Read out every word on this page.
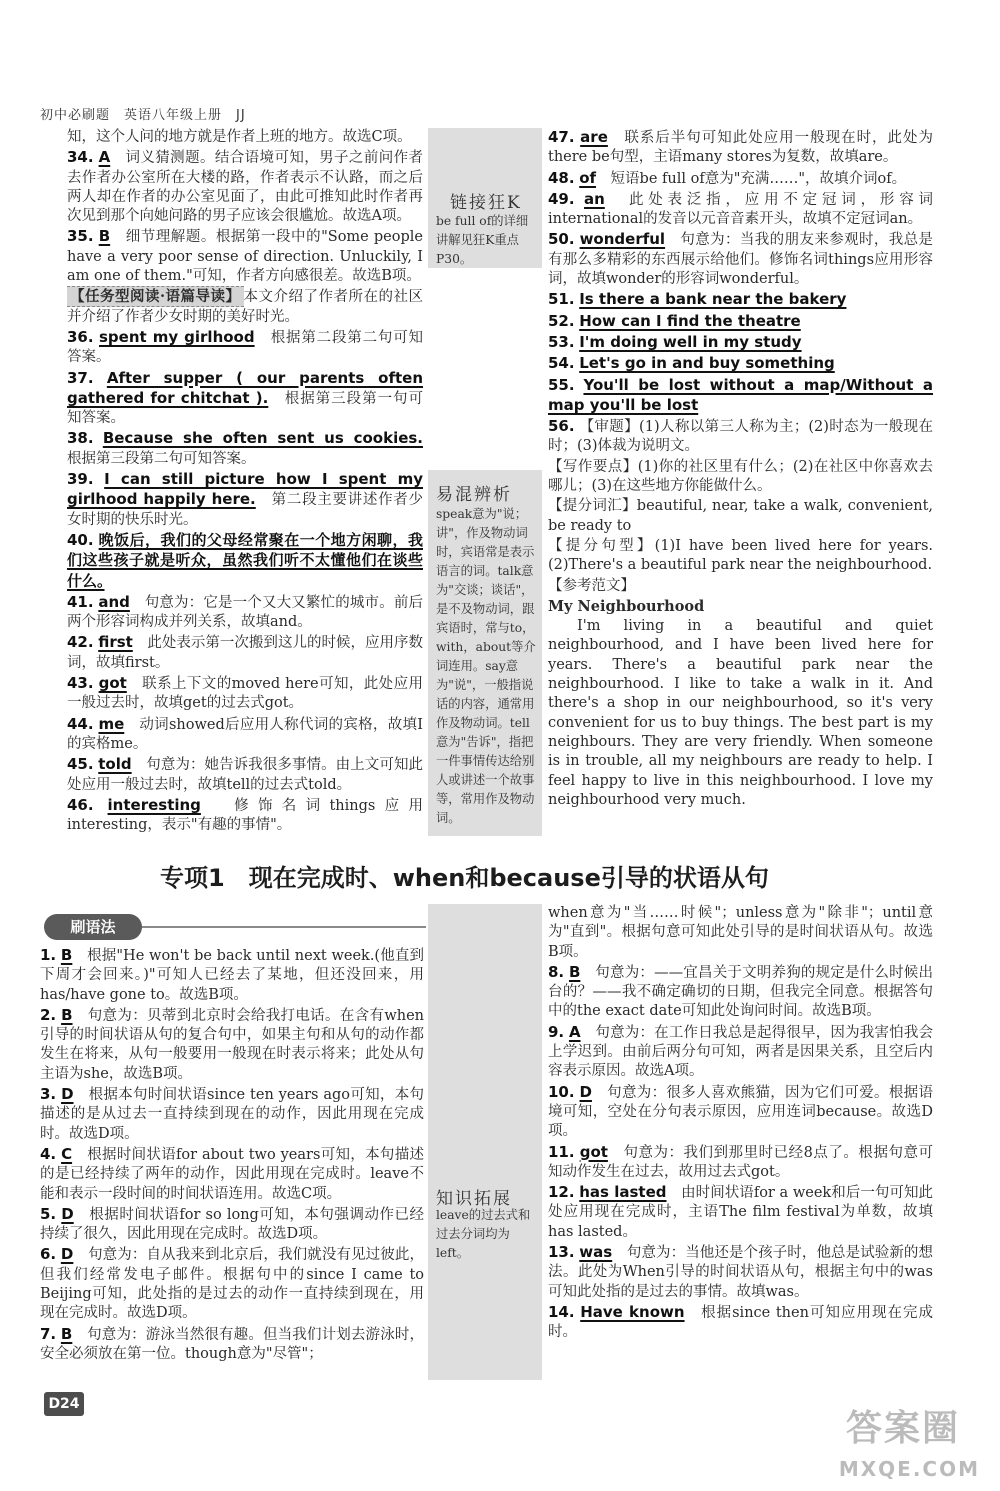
初中必刷题　英语八年级上册　JJ

知，这个人问的地方就是作者上班的地方。故选C项。

34. A　 词义猜测题。结合语境可知，男子之前问作者去作者办公室所在大楼的路，作者表示不认路，而之后两人却在作者的办公室见面了，由此可推知此时作者再次见到那个向她问路的男子应该会很尴尬。故选A项。

35. B　 细节理解题。根据第一段中的"Some people have a very poor sense of direction. Unluckily, I am one of them."可知，作者方向感很差。故选B项。

【任务型阅读·语篇导读】 本文介绍了作者所在的社区并介绍了作者少女时期的美好时光。

36. spent my girlhood　 根据第二段第二句可知答案。

37. After supper ( our parents often gathered for chitchat ).　 根据第三段第一句可知答案。

38. Because she often sent us cookies.　根据第三段第二句可知答案。

39. I can still picture how I spent my girlhood happily here.　 第二段主要讲述作者少女时期的快乐时光。

40. 晚饭后，我们的父母经常聚在一个地方闲聊，我们这些孩子就是听众，虽然我们听不太懂他们在谈些什么。　

41. and　 句意为：它是一个又大又繁忙的城市。前后两个形容词构成并列关系，故填and。

42. first　 此处表示第一次搬到这儿的时候，应用序数词，故填first。

43. got　 联系上下文的moved here可知，此处应用一般过去时，故填get的过去式got。

44. me　 动词showed后应用人称代词的宾格，故填I的宾格me。

45. told　 句意为：她告诉我很多事情。由上文可知此处应用一般过去时，故填tell的过去式told。

46. interesting　 修饰名词things应用interesting，表示"有趣的事情"。

链接狂K
be full of的详细讲解见狂K重点P30。
易混辨析
speak意为"说；讲"，作及物动词时，宾语常是表示语言的词。talk意为"交谈；谈话"，是不及物动词，跟宾语时，常与to，with，about等介词连用。say意为"说"，一般指说话的内容，通常用作及物动词。tell意为"告诉"，指把一件事情传达给别人或讲述一个故事等，常用作及物动词。

47. are　 联系后半句可知此处应用一般现在时，此处为there be句型，主语many stores为复数，故填are。

48. of　 短语be full of意为"充满……"，故填介词of。

49. an　 此处表泛指，应用不定冠词，形容词international的发音以元音音素开头，故填不定冠词an。

50. wonderful　 句意为：当我的朋友来参观时，我总是有那么多精彩的东西展示给他们。修饰名词things应用形容词，故填wonder的形容词wonderful。

51. Is there a bank near the bakery　

52. How can I find the theatre　

53. I'm doing well in my study　

54. Let's go in and buy something　

55. You'll be lost without a map/Without a map you'll be lost　

56. 【审题】(1)人称以第三人称为主；(2)时态为一般现在时；(3)体裁为说明文。

【写作要点】(1)你的社区里有什么；(2)在社区中你喜欢去哪儿；(3)在这些地方你能做什么。

【提分词汇】beautiful, near, take a walk, convenient, be ready to

【提分句型】(1)I have been lived here for years. (2)There's a beautiful park near the neighbourhood.

【参考范文】

My Neighbourhood

I'm living in a beautiful and quiet neighbourhood, and I have been lived here for years. There's a beautiful park near the neighbourhood. I like to take a walk in it. And there's a shop in our neighbourhood, so it's very convenient for us to buy things. The best part is my neighbours. They are very friendly. When someone is in trouble, all my neighbours are ready to help. I feel happy to live in this neighbourhood. I love my neighbourhood very much.

专项1　现在完成时、when和because引导的状语从句
刷语法

1. B　 根据"He won't be back until next week.(他直到下周才会回来。)"可知人已经去了某地，但还没回来，用has/have gone to。故选B项。

2. B　 句意为：贝蒂到北京时会给我打电话。在含有when引导的时间状语从句的复合句中，如果主句和从句的动作都发生在将来，从句一般要用一般现在时表示将来；此处从句主语为she，故选B项。

3. D　 根据本句时间状语since ten years ago可知，本句描述的是从过去一直持续到现在的动作，因此用现在完成时。故选D项。

4. C　 根据时间状语for about two years可知，本句描述的是已经持续了两年的动作，因此用现在完成时。leave不能和表示一段时间的时间状语连用。故选C项。

5. D　 根据时间状语for so long可知，本句强调动作已经持续了很久，因此用现在完成时。故选D项。

6. D　 句意为：自从我来到北京后，我们就没有见过彼此，但我们经常发电子邮件。根据句中的since I came to Beijing可知，此处指的是过去的动作一直持续到现在，用现在完成时。故选D项。

7. B　 句意为：游泳当然很有趣。但当我们计划去游泳时，安全必须放在第一位。though意为"尽管"；

知识拓展
leave的过去式和过去分词均为left。

when意为"当……时候"；unless意为"除非"；until意为"直到"。根据句意可知此处引导的是时间状语从句。故选B项。

8. B　 句意为：——宜昌关于文明养狗的规定是什么时候出台的？——我不确定确切的日期，但我完全同意。根据答句中的the exact date可知此处询问时间。故选B项。

9. A　 句意为：在工作日我总是起得很早，因为我害怕我会上学迟到。由前后两分句可知，两者是因果关系，且空后内容表示原因。故选A项。

10. D　 句意为：很多人喜欢熊猫，因为它们可爱。根据语境可知，空处在分句表示原因，应用连词because。故选D项。

11. got　 句意为：我们到那里时已经8点了。根据句意可知动作发生在过去，故用过去式got。

12. has lasted　 由时间状语for a week和后一句可知此处应用现在完成时，主语The film festival为单数，故填has lasted。

13. was　 句意为：当他还是个孩子时，他总是试验新的想法。此处为When引导的时间状语从句，根据主句中的was可知此处指的是过去的事情。故填was。

14. Have known　 根据since then可知应用现在完成时。

D24
答案圈
MXQE.COM
